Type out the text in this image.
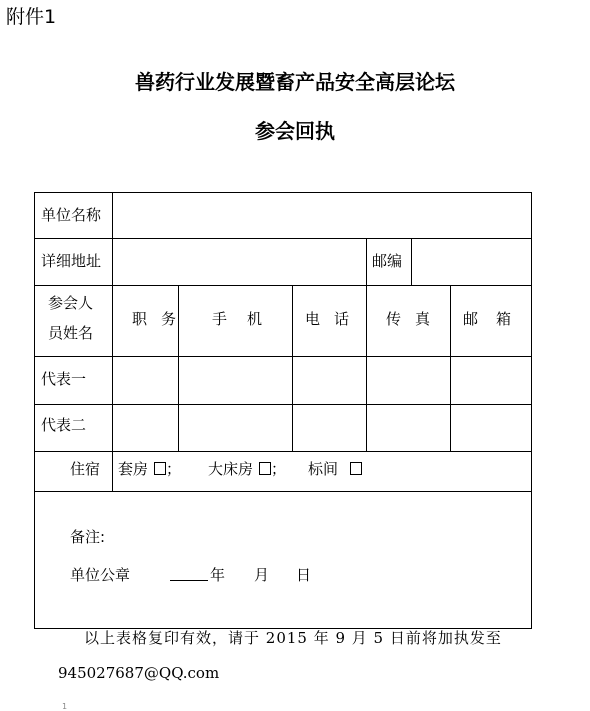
附件1
兽药行业发展暨畜产品安全高层论坛
参会回执
单位名称
详细地址	邮编
参会人
员姓名
职务 手机 电话 传真 邮箱
代表一
代表二
住宿 套房 ； 大床房 ； 标间
备注:
单位公章	年 月 日
以上表格复印有效，请于 2015 年 9 月 5 日前将加执发至
945027687@QQ.com
1
